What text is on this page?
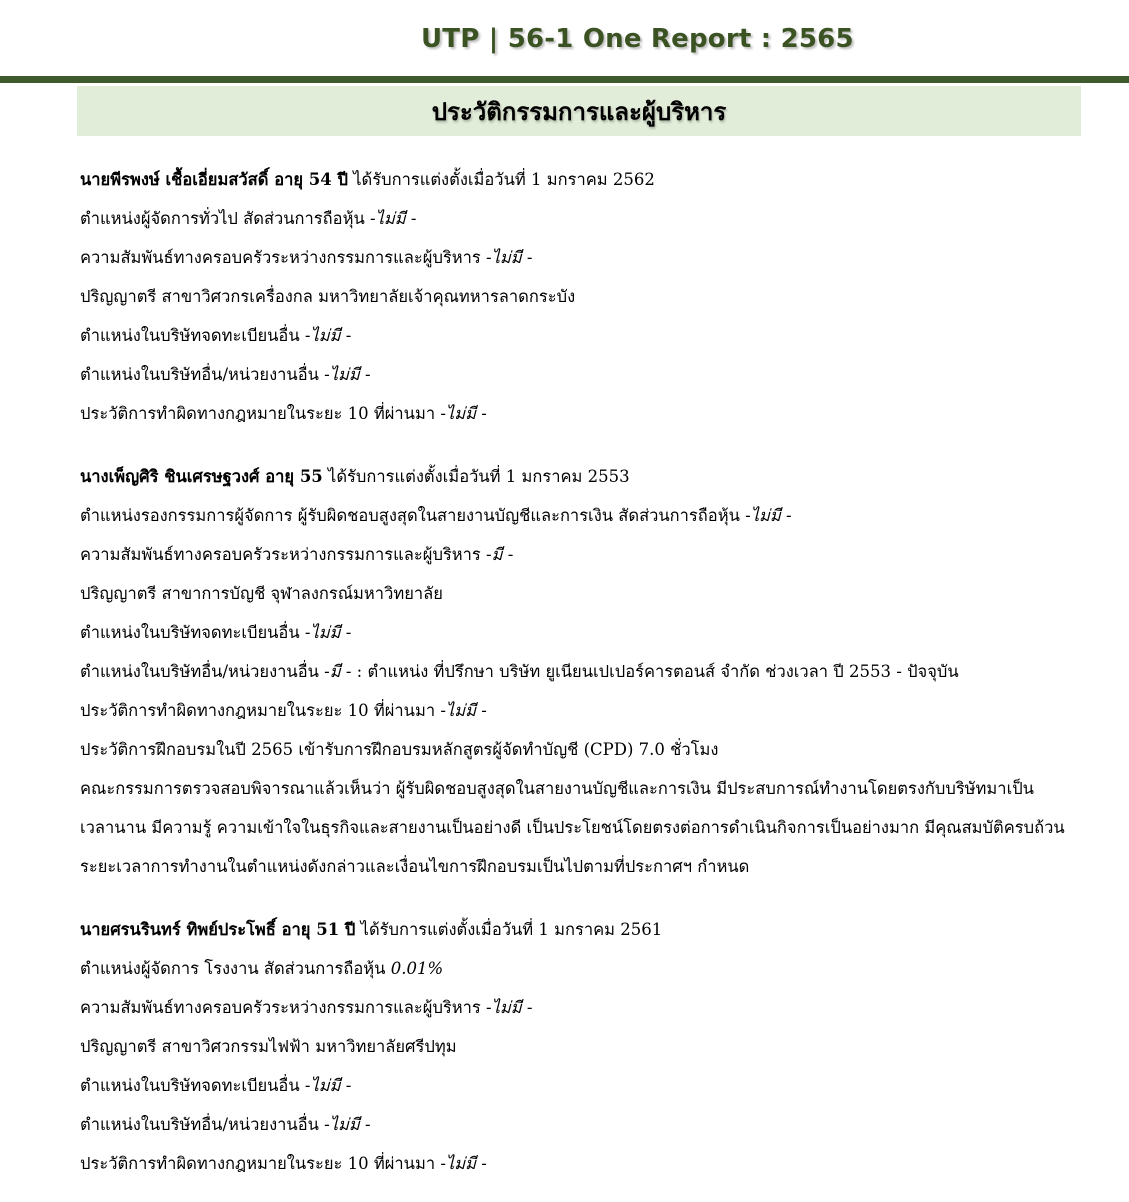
UTP | 56-1 One Report : 2565
ประวัติกรรมการและผู้บริหาร
นายพีรพงษ์ เชื้อเอี่ยมสวัสดิ์ อายุ 54 ปี ได้รับการแต่งตั้งเมื่อวันที่ 1 มกราคม 2562
ตำแหน่งผู้จัดการทั่วไป สัดส่วนการถือหุ้น -ไม่มี -
ความสัมพันธ์ทางครอบครัวระหว่างกรรมการและผู้บริหาร -ไม่มี -
ปริญญาตรี สาขาวิศวกรเครื่องกล มหาวิทยาลัยเจ้าคุณทหารลาดกระบัง
ตำแหน่งในบริษัทจดทะเบียนอื่น -ไม่มี -
ตำแหน่งในบริษัทอื่น/หน่วยงานอื่น -ไม่มี -
ประวัติการทำผิดทางกฎหมายในระยะ 10 ที่ผ่านมา -ไม่มี -
นางเพ็ญศิริ ชินเศรษฐวงศ์ อายุ 55 ได้รับการแต่งตั้งเมื่อวันที่ 1 มกราคม 2553
ตำแหน่งรองกรรมการผู้จัดการ ผู้รับผิดชอบสูงสุดในสายงานบัญชีและการเงิน สัดส่วนการถือหุ้น -ไม่มี -
ความสัมพันธ์ทางครอบครัวระหว่างกรรมการและผู้บริหาร -มี -
ปริญญาตรี สาขาการบัญชี จุฬาลงกรณ์มหาวิทยาลัย
ตำแหน่งในบริษัทจดทะเบียนอื่น -ไม่มี -
ตำแหน่งในบริษัทอื่น/หน่วยงานอื่น -มี - : ตำแหน่ง ที่ปรึกษา บริษัท ยูเนียนเปเปอร์คารตอนส์ จำกัด ช่วงเวลา ปี 2553 - ปัจจุบัน
ประวัติการทำผิดทางกฎหมายในระยะ 10 ที่ผ่านมา -ไม่มี -
ประวัติการฝึกอบรมในปี 2565 เข้ารับการฝึกอบรมหลักสูตรผู้จัดทำบัญชี (CPD) 7.0 ชั่วโมง
คณะกรรมการตรวจสอบพิจารณาแล้วเห็นว่า ผู้รับผิดชอบสูงสุดในสายงานบัญชีและการเงิน มีประสบการณ์ทำงานโดยตรงกับบริษัทมาเป็น
เวลานาน มีความรู้ ความเข้าใจในธุรกิจและสายงานเป็นอย่างดี เป็นประโยชน์โดยตรงต่อการดำเนินกิจการเป็นอย่างมาก มีคุณสมบัติครบถ้วน
ระยะเวลาการทำงานในตำแหน่งดังกล่าวและเงื่อนไขการฝึกอบรมเป็นไปตามที่ประกาศฯ กำหนด
นายศรนรินทร์ ทิพย์ประโพธิ์ อายุ 51 ปี ได้รับการแต่งตั้งเมื่อวันที่ 1 มกราคม 2561
ตำแหน่งผู้จัดการ โรงงาน สัดส่วนการถือหุ้น 0.01%
ความสัมพันธ์ทางครอบครัวระหว่างกรรมการและผู้บริหาร -ไม่มี -
ปริญญาตรี สาขาวิศวกรรมไฟฟ้า มหาวิทยาลัยศรีปทุม
ตำแหน่งในบริษัทจดทะเบียนอื่น -ไม่มี -
ตำแหน่งในบริษัทอื่น/หน่วยงานอื่น -ไม่มี -
ประวัติการทำผิดทางกฎหมายในระยะ 10 ที่ผ่านมา -ไม่มี -
